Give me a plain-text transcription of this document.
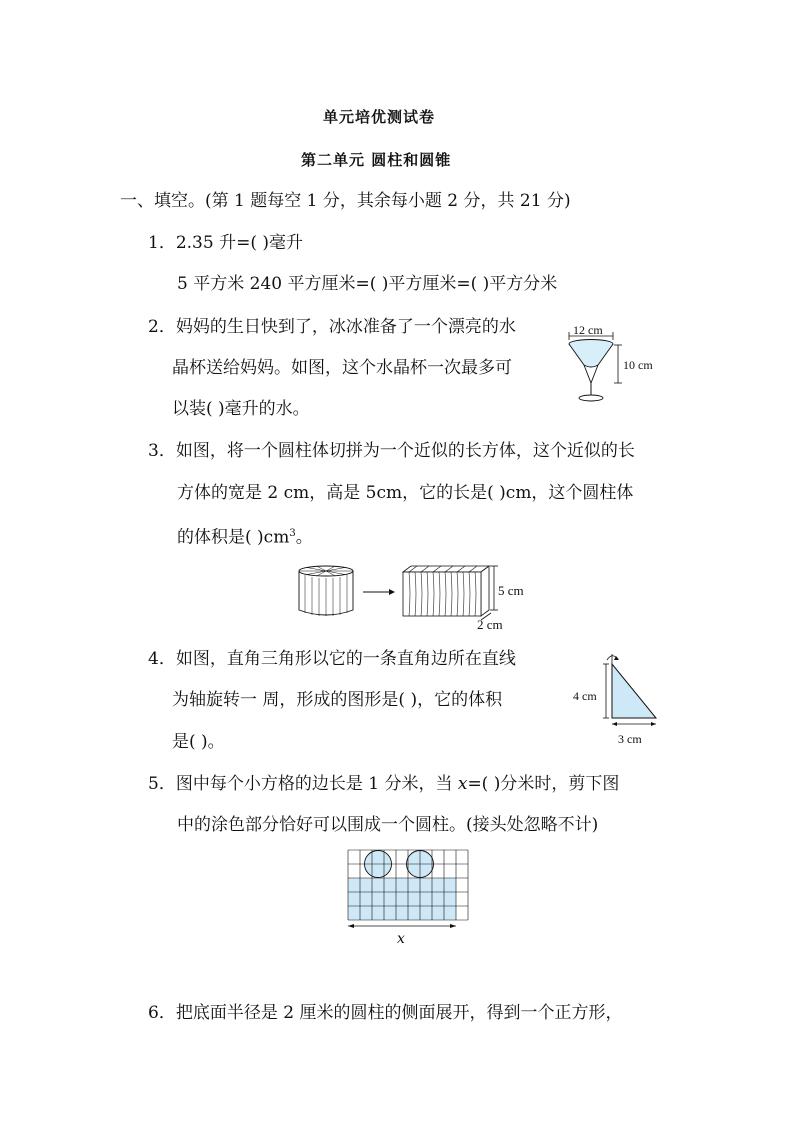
单元培优测试卷
第二单元 圆柱和圆锥
一、填空。(第 1 题每空 1 分，其余每小题 2 分，共 21 分)
1．2.35 升=( )毫升
5 平方米 240 平方厘米=( )平方厘米=( )平方分米
2．妈妈的生日快到了，冰冰准备了一个漂亮的水
晶杯送给妈妈。如图，这个水晶杯一次最多可
以装( )毫升的水。
12 cm
10 cm
3．如图，将一个圆柱体切拼为一个近似的长方体，这个近似的长
方体的宽是 2 cm，高是 5cm，它的长是( )cm，这个圆柱体
的体积是( )$cm^3$。
5 cm
2 cm
4．如图，直角三角形以它的一条直角边所在直线
为轴旋转一 周，形成的图形是( )，它的体积
是( )。
4 cm
3 cm
5．图中每个小方格的边长是 1 分米，当 x=( )分米时，剪下图
中的涂色部分恰好可以围成一个圆柱。(接头处忽略不计)
x
6．把底面半径是 2 厘米的圆柱的侧面展开，得到一个正方形，
